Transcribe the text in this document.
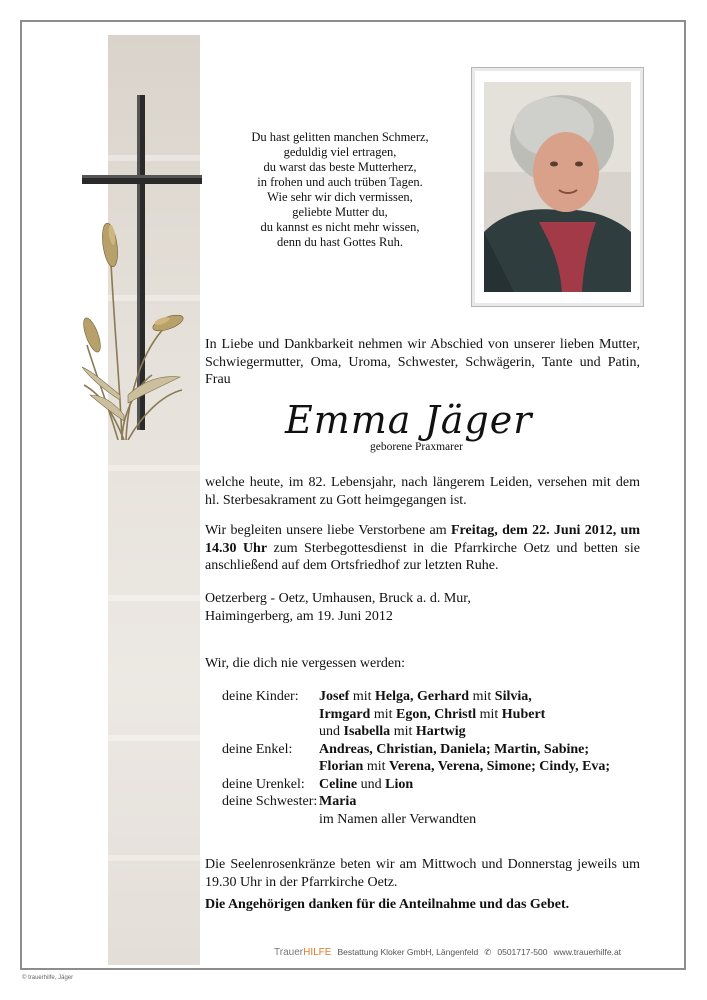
Du hast gelitten manchen Schmerz,
geduldig viel ertragen,
du warst das beste Mutterherz,
in frohen und auch trüben Tagen.
Wie sehr wir dich vermissen,
geliebte Mutter du,
du kannst es nicht mehr wissen,
denn du hast Gottes Ruh.

In Liebe und Dankbarkeit nehmen wir Abschied von unserer lieben Mutter, Schwiegermutter, Oma, Uroma, Schwester, Schwägerin, Tante und Patin, Frau

Emma Jäger
geborene Praxmarer

welche heute, im 82. Lebensjahr, nach längerem Leiden, versehen mit dem hl. Sterbesakrament zu Gott heimgegangen ist.

Wir begleiten unsere liebe Verstorbene am Freitag, dem 22. Juni 2012, um 14.30 Uhr zum Sterbegottesdienst in die Pfarrkirche Oetz und betten sie anschließend auf dem Ortsfriedhof zur letzten Ruhe.

Oetzerberg - Oetz, Umhausen, Bruck a. d. Mur,
Haimingerberg, am 19. Juni 2012

Wir, die dich nie vergessen werden:

deine Kinder:	Josef mit Helga, Gerhard mit Silvia,
Irmgard mit Egon, Christl mit Hubert
und Isabella mit Hartwig
deine Enkel:	Andreas, Christian, Daniela; Martin, Sabine;
Florian mit Verena, Verena, Simone; Cindy, Eva;
deine Urenkel:	Celine und Lion
deine Schwester: Maria
im Namen aller Verwandten

Die Seelenrosenkränze beten wir am Mittwoch und Donnerstag jeweils um 19.30 Uhr in der Pfarrkirche Oetz.

Die Angehörigen danken für die Anteilnahme und das Gebet.

TrauerHILFE Bestattung Kloker GmbH, Längenfeld ✆ 0501717-500 www.trauerhilfe.at
© trauerhilfe, Jäger
